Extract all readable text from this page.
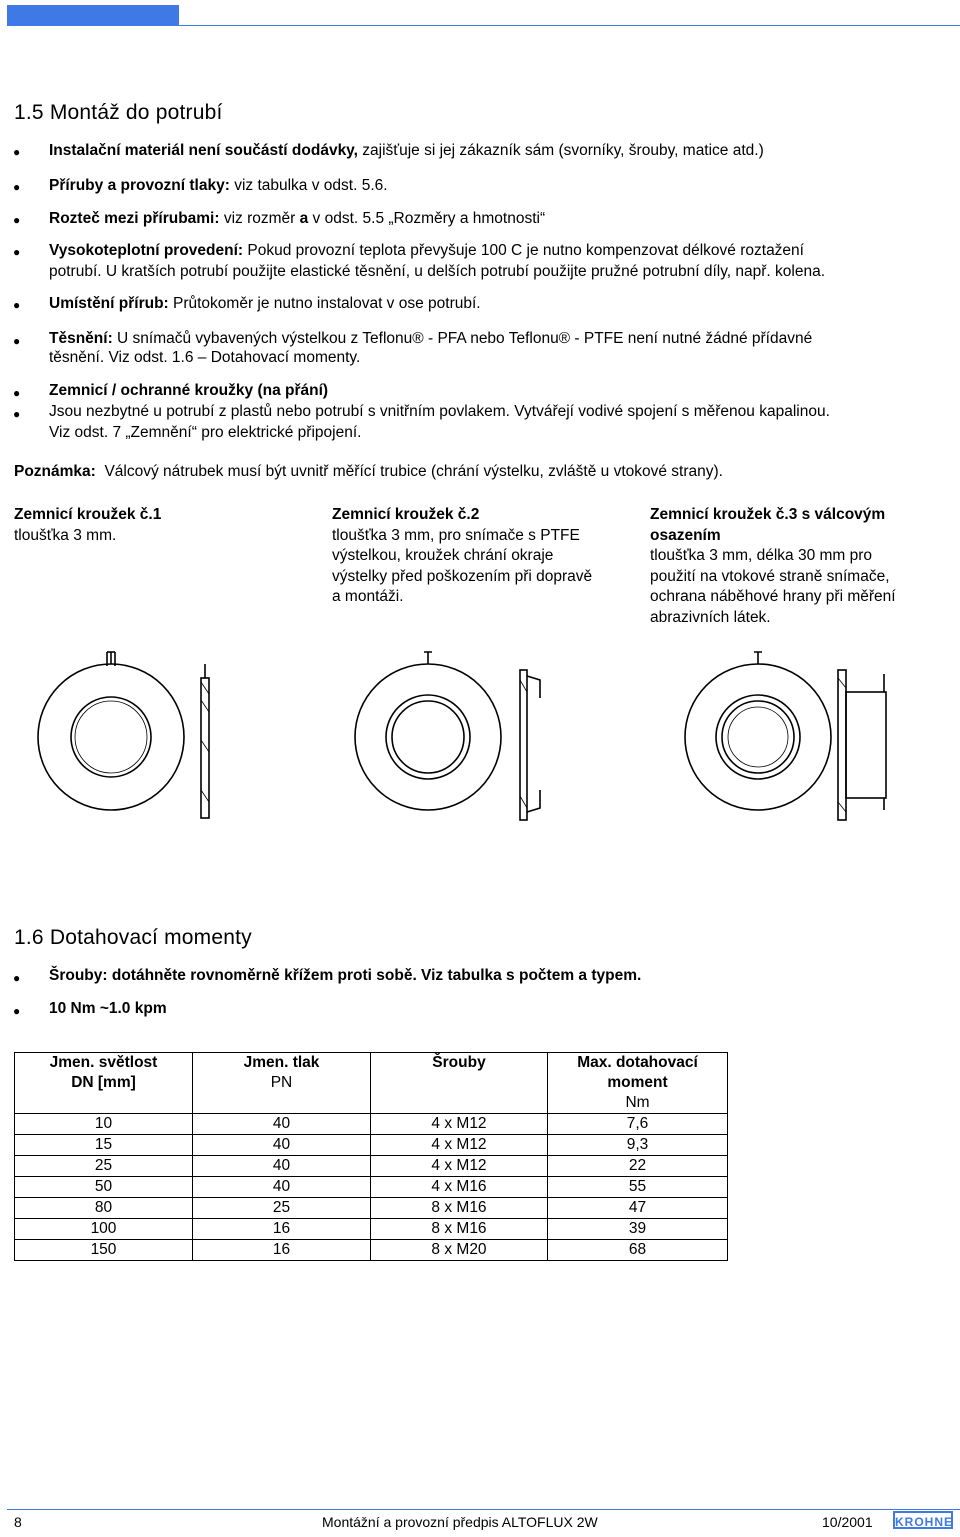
1.5 Montáž do potrubí
● Instalační materiál není součástí dodávky, zajišťuje si jej zákazník sám (svorníky, šrouby, matice atd.)
● Příruby a provozní tlaky: viz tabulka v odst. 5.6.
● Rozteč mezi přírubami: viz rozměr a v odst. 5.5 „Rozměry a hmotnosti“
● Vysokoteplotní provedení: Pokud provozní teplota převyšuje 100 C je nutno kompenzovat délkové roztažení
potrubí. U kratších potrubí použijte elastické těsnění, u delších potrubí použijte pružné potrubní díly, např. kolena.
● Umístění přírub: Průtokoměr je nutno instalovat v ose potrubí.
● Těsnění: U snímačů vybavených výstelkou z Teflonu® - PFA nebo Teflonu® - PTFE není nutné žádné přídavné
těsnění. Viz odst. 1.6 – Dotahovací momenty.
● Zemnicí / ochranné kroužky (na přání)
● Jsou nezbytné u potrubí z plastů nebo potrubí s vnitřním povlakem. Vytvářejí vodivé spojení s měřenou kapalinou.
Viz odst. 7 „Zemnění“ pro elektrické připojení.
Poznámka: Válcový nátrubek musí být uvnitř měřící trubice (chrání výstelku, zvláště u vtokové strany).
Zemnicí kroužek č.1
tloušťka 3 mm.
Zemnicí kroužek č.2
tloušťka 3 mm, pro snímače s PTFE
výstelkou, kroužek chrání okraje
výstelky před poškozením při dopravě
a montáži.
Zemnicí kroužek č.3 s válcovým
osazením
tloušťka 3 mm, délka 30 mm pro
použití na vtokové straně snímače,
ochrana náběhové hrany při měření
abrazivních látek.
1.6 Dotahovací momenty
● Šrouby: dotáhněte rovnoměrně křížem proti sobě. Viz tabulka s počtem a typem.
● 10 Nm ~1.0 kpm
Jmen. světlost	Jmen. tlak	Šrouby	Max. dotahovací
DN [mm]	PN		moment
			Nm
10	40	4 x M12	7,6
15	40	4 x M12	9,3
25	40	4 x M12	22
50	40	4 x M16	55
80	25	8 x M16	47
100	16	8 x M16	39
150	16	8 x M20	68
8	Montážní a provozní předpis ALTOFLUX 2W	10/2001 KROHNE
